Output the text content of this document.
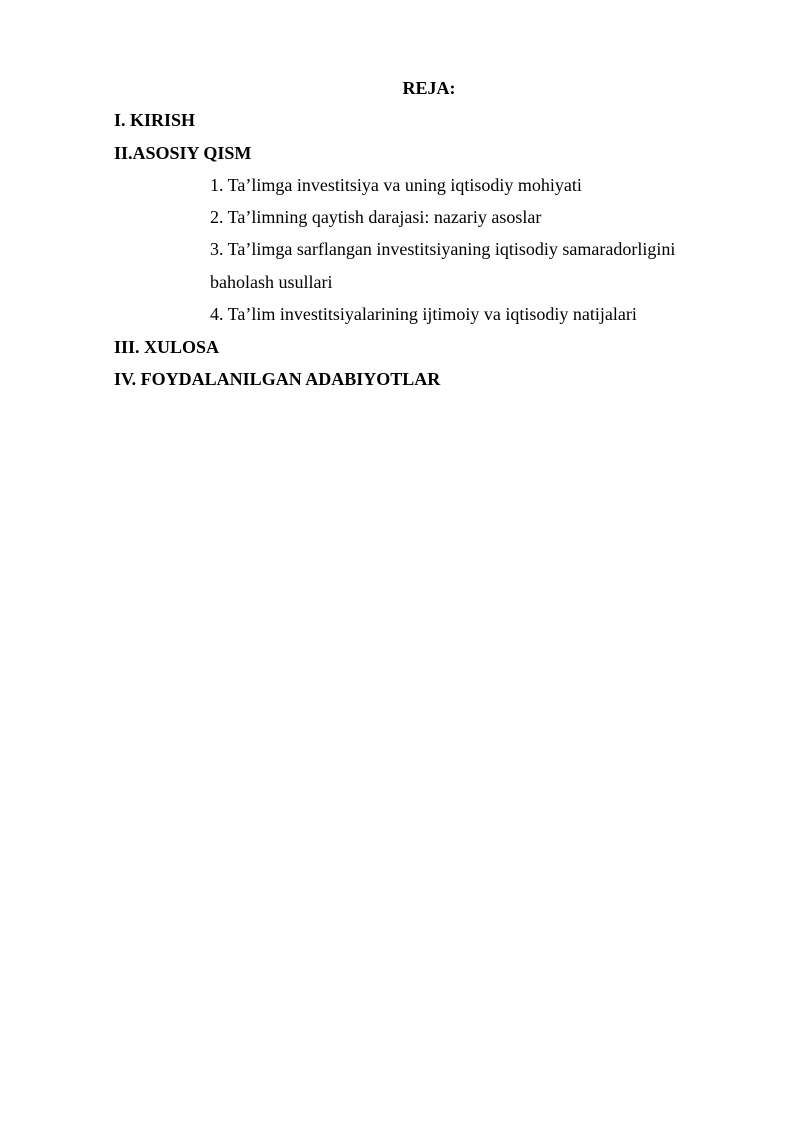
REJA:
I. KIRISH
II.ASOSIY QISM
1. Ta’limga investitsiya va uning iqtisodiy mohiyati
2. Ta’limning qaytish darajasi: nazariy asoslar
3. Ta’limga sarflangan investitsiyaning iqtisodiy samaradorligini
baholash usullari
4. Ta’lim investitsiyalarining ijtimoiy va iqtisodiy natijalari
III. XULOSA
IV. FOYDALANILGAN ADABIYOTLAR
